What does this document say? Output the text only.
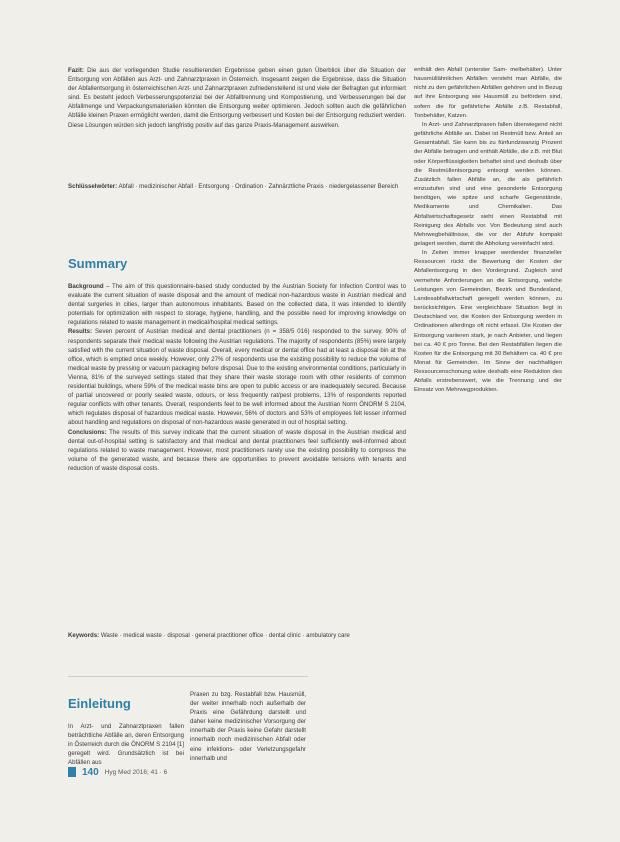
Fazit: Die aus der vorliegenden Studie resultierenden Ergebnisse geben einen guten Überblick über die Situation der Entsorgung von Abfällen aus Arzt- und Zahnarztpraxen in Österreich. Insgesamt zeigen die Ergebnisse, dass die Situation der Abfallentsorgung in österreichischen Arzt- und Zahnarztpraxen zufriedenstellend ist und viele der Befragten gut informiert sind. Es besteht jedoch Verbesserungspotenzial bei der Abfalltrennung und Kompostierung, und Verbesserungen bei der Abfallmenge und Verpackungsmaterialien könnten die Entsorgung weiter optimieren. Jedoch sollten auch die gefährlichen Abfälle kleinen Praxen ermöglicht werden, damit die Entsorgung verbessert und Kosten bei der Entsorgung reduziert werden. Diese Lösungen würden sich jedoch langfristig positiv auf das ganze Praxis-Management auswirken.

Schlüsselwörter: Abfall · medizinischer Abfall · Entsorgung · Ordination · Zahnärztliche Praxis · niedergelassener Bereich

Summary

Background – The aim of this questionnaire-based study conducted by the Austrian Society for Infection Control was to evaluate the current situation of waste disposal and the amount of medical non-hazardous waste in Austrian medical and dental surgeries in cities, larger than autonomous inhabitants. Based on the collected data, it was intended to identify potentials for optimization with respect to storage, hygiene, handling, and the possible need for improving knowledge on regulations related to waste management in medical/hospital medical settings.

Results: Seven percent of Austrian medical and dental practitioners (n = 358/5 016) responded to the survey. 90% of respondents separate their medical waste following the Austrian regulations. The majority of respondents (85%) were largely satisfied with the current situation of waste disposal. Overall, every medical or dental office had at least a disposal bin at the office, which is emptied once weekly. However, only 27% of respondents use the existing possibility to reduce the volume of medical waste by pressing or vacuum packaging before disposal. Due to the existing environmental conditions, particularly in Vienna, 81% of the surveyed settings stated that they share their waste storage room with other residents of common residential buildings, where 59% of the medical waste bins are open to public access or are inadequately secured. Because of partial uncovered or poorly sealed waste, odours, or less frequently rat/pest problems, 13% of respondents reported regular conflicts with other tenants. Overall, respondents feel to be well informed about the Austrian Norm ÖNORM S 2104, which regulates disposal of hazardous medical waste. However, 56% of doctors and 53% of employees felt lesser informed about handling and regulations on disposal of non-hazardous waste generated in out of hospital setting.

Conclusions: The results of this survey indicate that the current situation of waste disposal in the Austrian medical and dental out-of-hospital setting is satisfactory and that medical and dental practitioners feel sufficiently well-informed about regulations related to waste management. However, most practitioners rarely use the existing possibility to compress the volume of the generated waste, and because there are opportunities to prevent avoidable tensions with tenants and reduction of waste disposal costs.

Keywords: Waste · medical waste · disposal · general practitioner office · dental clinic · ambulatory care

Einleitung

In Arzt- und Zahnarztpraxen fallen beträchtliche Abfälle an, deren Entsorgung in Österreich durch die ÖNORM S 2104 [1] geregelt wird. Grundsätzlich ist bei Abfällen aus

Praxen zu bzg. Restabfall bzw. Hausmüll, der weiter innerhalb noch außerhalb der Praxis eine Gefährdung darstellt und daher keine medizinischer Vorsorgung der innerhalb der Praxis keine Gefahr darstellt innerhalb noch medizinischen Abfall oder eine infektions- oder Verletzungsgefahr innerhalb und

enthält den Abfall (unterster Sam- melbehälter). Unter hausmüllähnlichen Abfällen versteht man Abfälle, die nicht zu den gefährlichen Abfällen gehören und in Bezug auf ihre Entsorgung wie Hausmüll zu befördern sind, sofern die für gefährliche Abfälle z.B. Restabfall, Tonbehälter, Katzen.

In Arzt- und Zahnarztpraxen fallen überwiegend nicht gefährliche Abfälle an. Dabei ist Restmüll bzw. Anteil an Gesamtabfall. Sie kann bis zu fünfundzwanzig Prozent der Abfälle betragen und enthält Abfälle, die z.B. mit Blut oder Körperflüssigkeiten behaftet sind und deshalb über die Restmüllentsorgung entsorgt werden können. Zusätzlich fallen Abfälle an, die als gefährlich einzustufen sind und eine gesonderte Entsorgung benötigen, wie spitze und scharfe Gegenstände, Medikamente und Chemikalien. Das Abfallwirtschaftsgesetz sieht einen Restabfall mit Reinigung des Abfalls vor. Von Bedeutung sind auch Mehrwegbehältnisse, die vor der Abfuhr kompakt gelagert werden, damit die Abholung vereinfacht wird.

In Zeiten immer knapper werdender finanzieller Ressourcen rückt die Bewertung der Kosten der Abfallentsorgung in den Vordergrund. Zugleich sind vermehrte Anforderungen an die Entsorgung, welche Leistungen von Gemeinden, Bezirk und Bundesland, Landesabfallwirtschaft geregelt werden können, zu berücksichtigen. Eine vergleichbare Situation liegt in Deutschland vor, die Kosten der Entsorgung werden in Ordinationen allerdings oft nicht erfasst. Die Kosten der Entsorgung variieren stark, je nach Anbieter, und liegen bei ca. 40 € pro Tonne. Bei den Restabfällen liegen die Kosten für die Entsorgung mit 30 Behältern ca. 40 € pro Monat für Gemeinden. Im Sinne der nachhaltigen Ressourcenschonung wäre deshalb eine Reduktion des Abfalls erstrebenswert, wie die Trennung und der Einsatz von Mehrwegprodukten.

140 Hyg Med 2016; 41 · 6
